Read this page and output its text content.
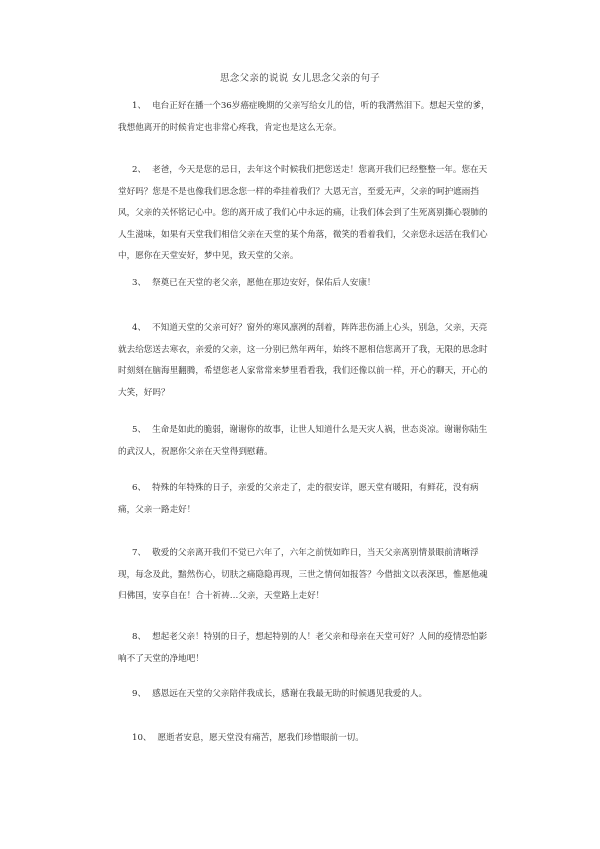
思念父亲的说说 女儿思念父亲的句子

1、 电台正好在播一个36岁癌症晚期的父亲写给女儿的信，听的我潸然泪下。想起天堂的爹，我想他离开的时候肯定也非常心疼我，肯定也是这么无奈。

2、 老爸，今天是您的忌日，去年这个时候我们把您送走！您离开我们已经整整一年。您在天堂好吗？您是不是也像我们思念您一样的牵挂着我们？大恩无言，至爱无声，父亲的呵护遮雨挡风，父亲的关怀铭记心中。您的离开成了我们心中永远的痛，让我们体会到了生死离别撕心裂肺的人生滋味，如果有天堂我们相信父亲在天堂的某个角落，微笑的看着我们，父亲您永远活在我们心中，愿你在天堂安好，梦中见，致天堂的父亲。

3、 祭奠已在天堂的老父亲，愿他在那边安好，保佑后人安康！

4、 不知道天堂的父亲可好？窗外的寒风凛冽的刮着，阵阵悲伤涌上心头，别急，父亲，天亮就去给您送去寒衣，亲爱的父亲，这一分别已然年两年，始终不愿相信您离开了我，无限的思念时时刻刻在脑海里翻腾，希望您老人家常常来梦里看看我，我们还像以前一样，开心的聊天，开心的大笑，好吗？

5、 生命是如此的脆弱，谢谢你的故事，让世人知道什么是天灾人祸，世态炎凉。谢谢你陆生的武汉人，祝愿你父亲在天堂得到慰藉。

6、 特殊的年特殊的日子，亲爱的父亲走了，走的很安详，愿天堂有暖阳，有鲜花，没有病痛，父亲一路走好！

7、 敬爱的父亲离开我们不觉已六年了，六年之前恍如昨日，当天父亲离别情景眼前清晰浮现，每念及此，黯然伤心，切肤之痛隐隐再现，三世之情何如报答？今借拙文以表深思，惟愿他魂归佛国，安享自在！合十祈祷…父亲，天堂路上走好！

8、 想起老父亲！特别的日子，想起特别的人！老父亲和母亲在天堂可好？人间的疫情恐怕影响不了天堂的净地吧！

9、 感恩远在天堂的父亲陪伴我成长，感谢在我最无助的时候遇见我爱的人。

10、 愿逝者安息，愿天堂没有痛苦，愿我们珍惜眼前一切。
